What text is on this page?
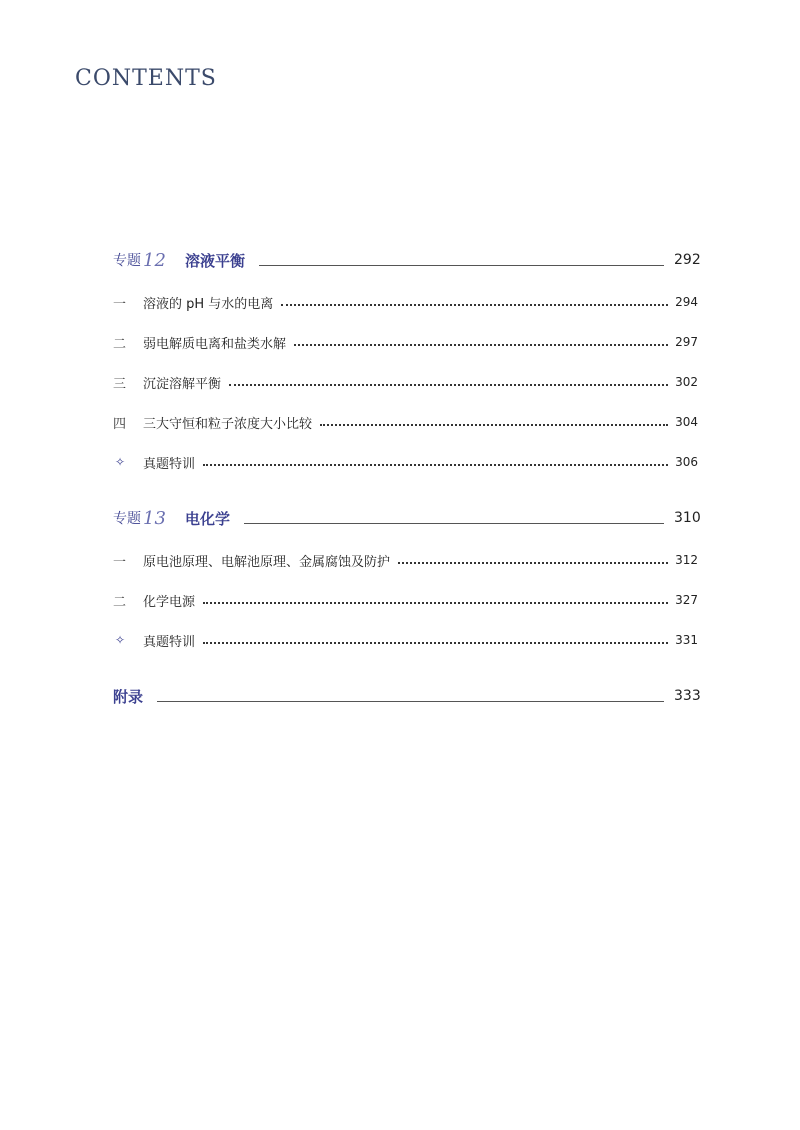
CONTENTS
专题 12 溶液平衡	292
一	溶液的 pH 与水的电离	294
二	弱电解质电离和盐类水解	297
三	沉淀溶解平衡	302
四	三大守恒和粒子浓度大小比较	304
✧	真题特训	306
专题 13 电化学	310
一	原电池原理、电解池原理、金属腐蚀及防护	312
二	化学电源	327
✧	真题特训	331
附录	333
